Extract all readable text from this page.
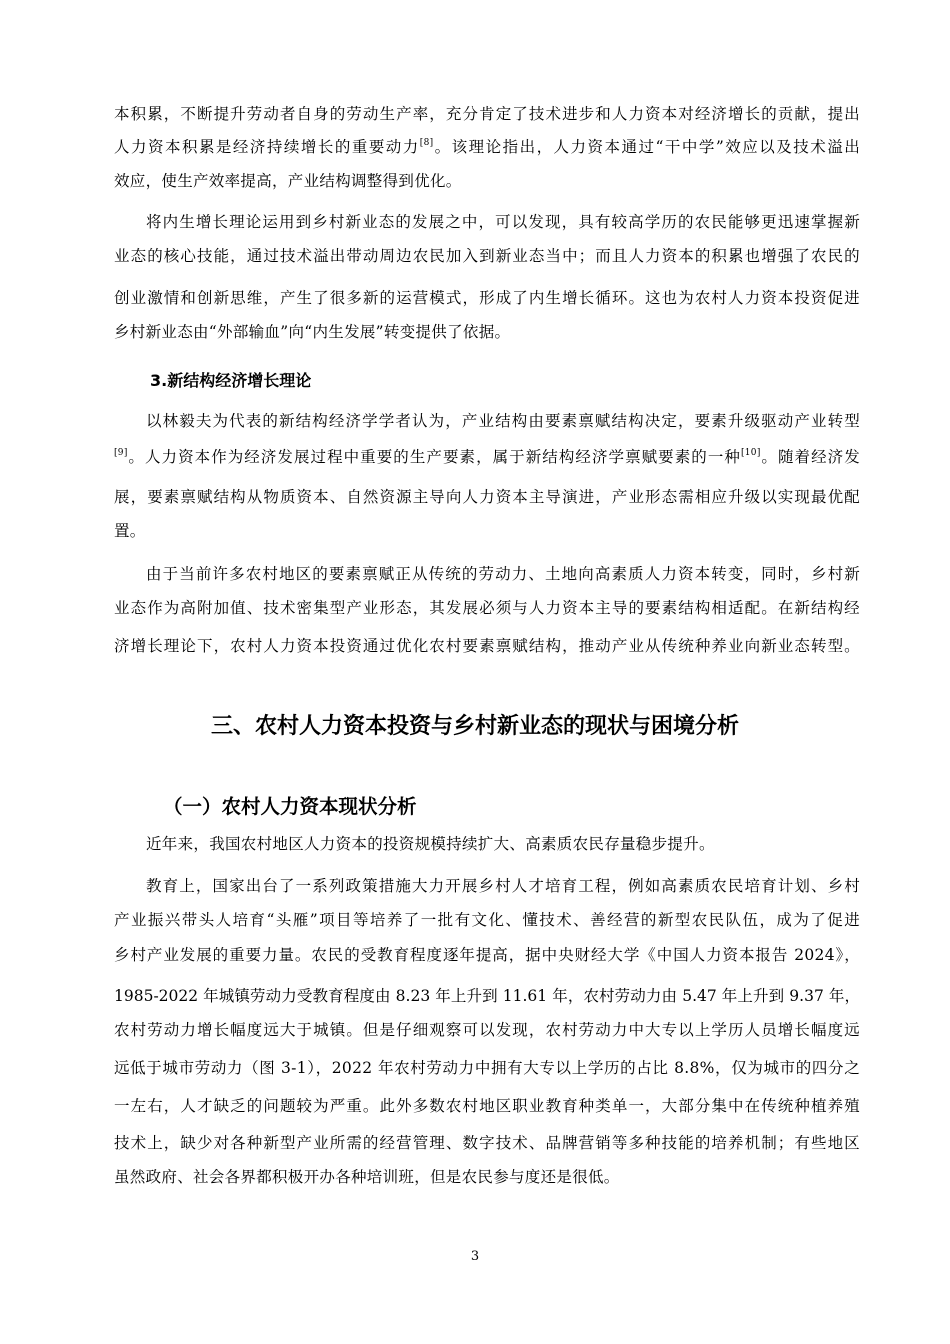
本积累，不断提升劳动者自身的劳动生产率，充分肯定了技术进步和人力资本对经济增长的贡献，提出
人力资本积累是经济持续增长的重要动力[8]。该理论指出，人力资本通过“干中学”效应以及技术溢出
效应，使生产效率提高，产业结构调整得到优化。
将内生增长理论运用到乡村新业态的发展之中，可以发现，具有较高学历的农民能够更迅速掌握新
业态的核心技能，通过技术溢出带动周边农民加入到新业态当中；而且人力资本的积累也增强了农民的
创业激情和创新思维，产生了很多新的运营模式，形成了内生增长循环。这也为农村人力资本投资促进
乡村新业态由“外部输血”向“内生发展”转变提供了依据。
3.新结构经济增长理论
以林毅夫为代表的新结构经济学学者认为，产业结构由要素禀赋结构决定，要素升级驱动产业转型
[9]。人力资本作为经济发展过程中重要的生产要素，属于新结构经济学禀赋要素的一种[10]。随着经济发
展，要素禀赋结构从物质资本、自然资源主导向人力资本主导演进，产业形态需相应升级以实现最优配
置。
由于当前许多农村地区的要素禀赋正从传统的劳动力、土地向高素质人力资本转变，同时，乡村新
业态作为高附加值、技术密集型产业形态，其发展必须与人力资本主导的要素结构相适配。在新结构经
济增长理论下，农村人力资本投资通过优化农村要素禀赋结构，推动产业从传统种养业向新业态转型。
三、农村人力资本投资与乡村新业态的现状与困境分析
（一）农村人力资本现状分析
近年来，我国农村地区人力资本的投资规模持续扩大、高素质农民存量稳步提升。
教育上，国家出台了一系列政策措施大力开展乡村人才培育工程，例如高素质农民培育计划、乡村
产业振兴带头人培育“头雁”项目等培养了一批有文化、懂技术、善经营的新型农民队伍，成为了促进
乡村产业发展的重要力量。农民的受教育程度逐年提高，据中央财经大学《中国人力资本报告 2024》，
1985-2022 年城镇劳动力受教育程度由 8.23 年上升到 11.61 年，农村劳动力由 5.47 年上升到 9.37 年，
农村劳动力增长幅度远大于城镇。但是仔细观察可以发现，农村劳动力中大专以上学历人员增长幅度远
远低于城市劳动力（图 3-1），2022 年农村劳动力中拥有大专以上学历的占比 8.8%，仅为城市的四分之
一左右，人才缺乏的问题较为严重。此外多数农村地区职业教育种类单一，大部分集中在传统种植养殖
技术上，缺少对各种新型产业所需的经营管理、数字技术、品牌营销等多种技能的培养机制；有些地区
虽然政府、社会各界都积极开办各种培训班，但是农民参与度还是很低。
3
